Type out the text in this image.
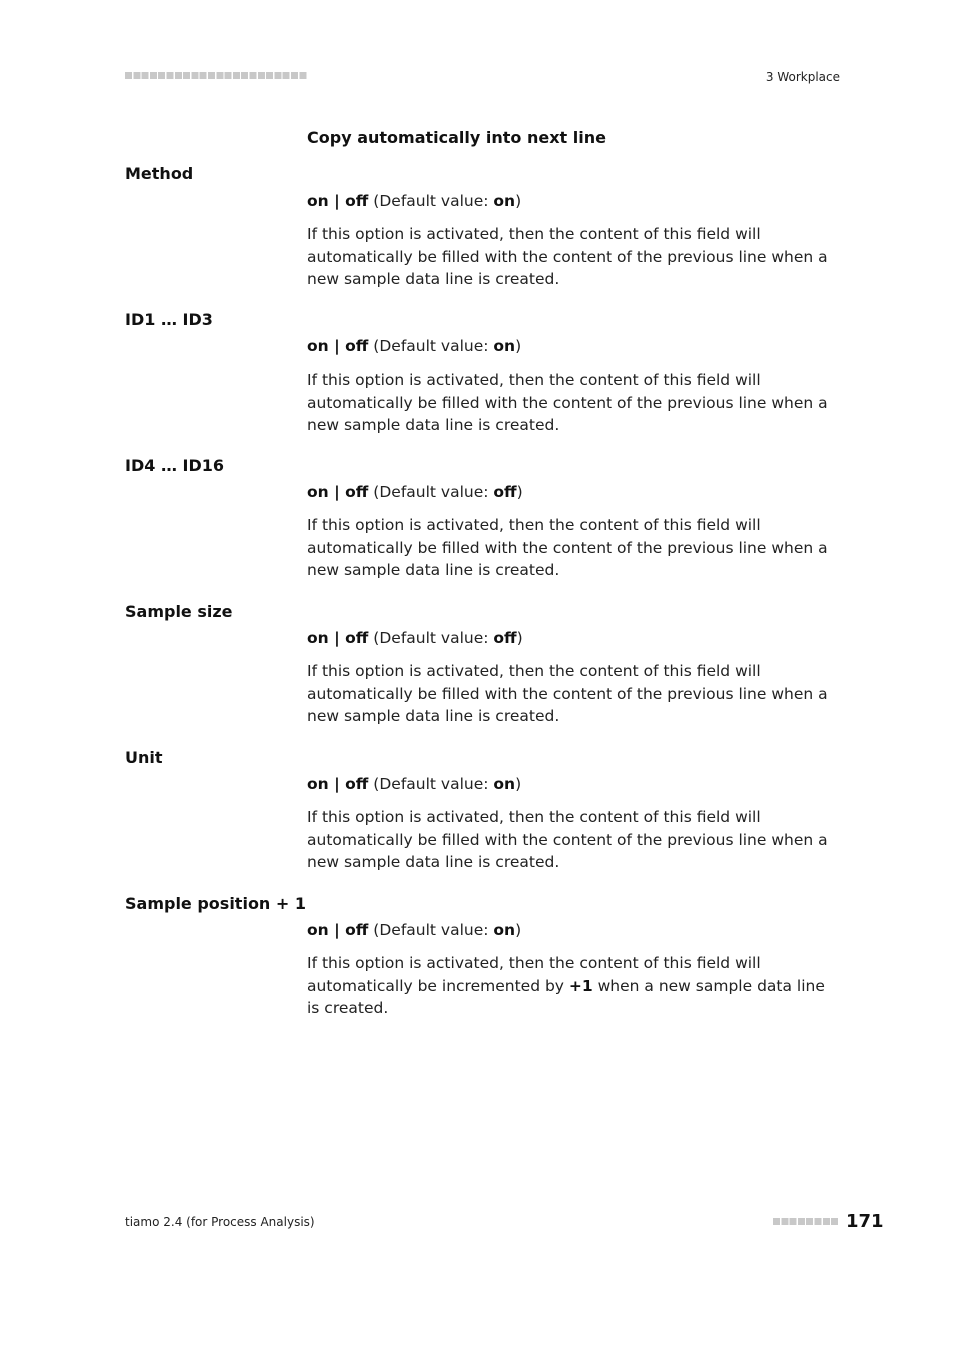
3 Workplace
Copy automatically into next line
Method
on | off (Default value: on)
If this option is activated, then the content of this field will automatically be filled with the content of the previous line when a new sample data line is created.
ID1 … ID3
on | off (Default value: on)
If this option is activated, then the content of this field will automatically be filled with the content of the previous line when a new sample data line is created.
ID4 … ID16
on | off (Default value: off)
If this option is activated, then the content of this field will automatically be filled with the content of the previous line when a new sample data line is created.
Sample size
on | off (Default value: off)
If this option is activated, then the content of this field will automatically be filled with the content of the previous line when a new sample data line is created.
Unit
on | off (Default value: on)
If this option is activated, then the content of this field will automatically be filled with the content of the previous line when a new sample data line is created.
Sample position + 1
on | off (Default value: on)
If this option is activated, then the content of this field will automatically be incremented by +1 when a new sample data line is created.
tiamo 2.4 (for Process Analysis)	171
